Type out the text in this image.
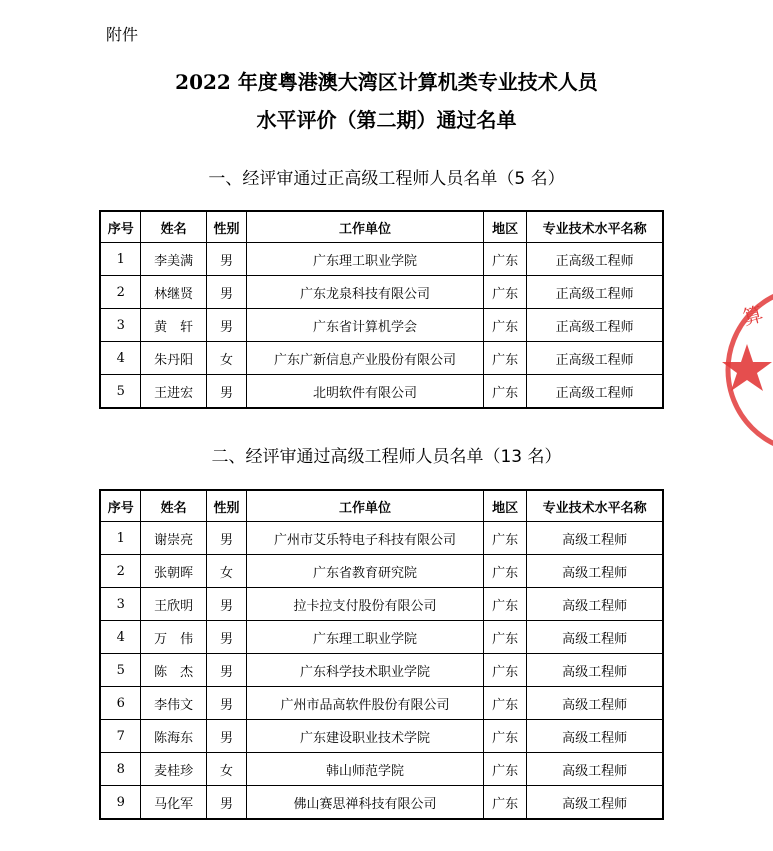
附件
2022 年度粤港澳大湾区计算机类专业技术人员
水平评价（第二期）通过名单
一、经评审通过正高级工程师人员名单（5 名）
序号	姓名	性别	工作单位	地区	专业技术水平名称
1	李美满	男	广东理工职业学院	广东	正高级工程师
2	林继贤	男	广东龙泉科技有限公司	广东	正高级工程师
3	黄　轩	男	广东省计算机学会	广东	正高级工程师
4	朱丹阳	女	广东广新信息产业股份有限公司	广东	正高级工程师
5	王进宏	男	北明软件有限公司	广东	正高级工程师
二、经评审通过高级工程师人员名单（13 名）
序号	姓名	性别	工作单位	地区	专业技术水平名称
1	谢崇亮	男	广州市艾乐特电子科技有限公司	广东	高级工程师
2	张朝晖	女	广东省教育研究院	广东	高级工程师
3	王欣明	男	拉卡拉支付股份有限公司	广东	高级工程师
4	万　伟	男	广东理工职业学院	广东	高级工程师
5	陈　杰	男	广东科学技术职业学院	广东	高级工程师
6	李伟文	男	广州市品高软件股份有限公司	广东	高级工程师
7	陈海东	男	广东建设职业技术学院	广东	高级工程师
8	麦桂珍	女	韩山师范学院	广东	高级工程师
9	马化军	男	佛山赛思禅科技有限公司	广东	高级工程师
算
